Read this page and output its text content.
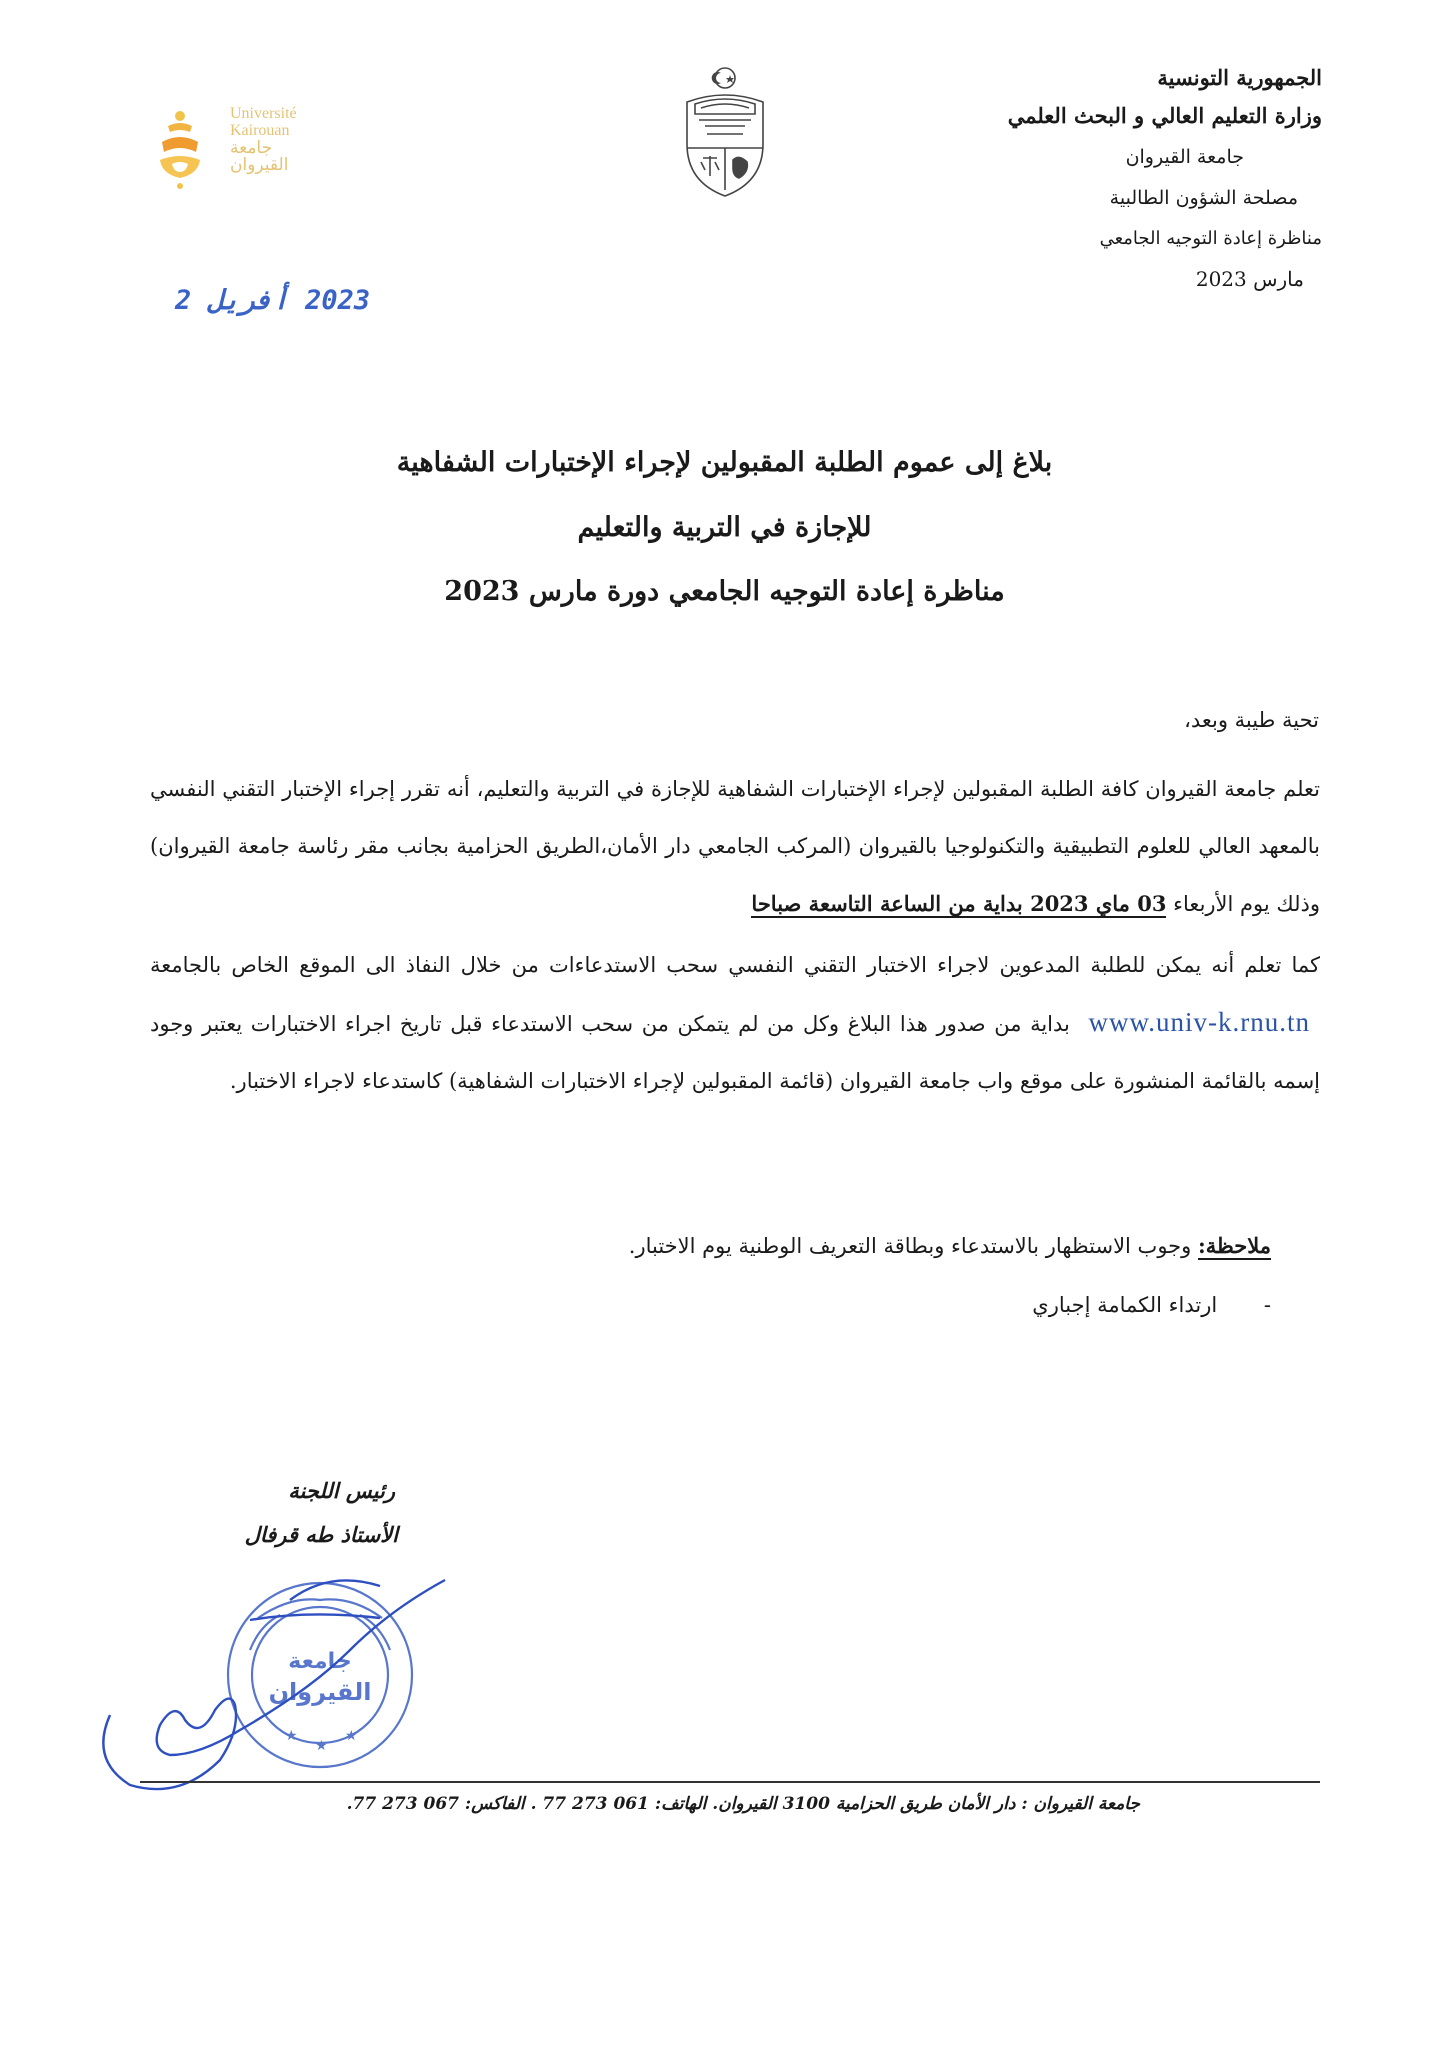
الجمهورية التونسية
وزارة التعليم العالي و البحث العلمي
جامعة القيروان
مصلحة الشؤون الطالبية
مناظرة إعادة التوجيه الجامعي
مارس 2023
Université
Kairouan
جامعة
القيروان
2023 أفريل 2
بلاغ إلى عموم الطلبة المقبولين لإجراء الإختبارات الشفاهية
للإجازة في التربية والتعليم
مناظرة إعادة التوجيه الجامعي دورة مارس 2023
تحية طيبة وبعد،
تعلم جامعة القيروان كافة الطلبة المقبولين لإجراء الإختبارات الشفاهية للإجازة في التربية والتعليم، أنه تقرر إجراء الإختبار التقني النفسي بالمعهد العالي للعلوم التطبيقية والتكنولوجيا بالقيروان (المركب الجامعي دار الأمان،الطريق الحزامية بجانب مقر رئاسة جامعة القيروان) وذلك يوم الأربعاء 03 ماي 2023 بداية من الساعة التاسعة صباحا
كما تعلم أنه يمكن للطلبة المدعوين لاجراء الاختبار التقني النفسي سحب الاستدعاءات من خلال النفاذ الى الموقع الخاص بالجامعة www.univ-k.rnu.tn بداية من صدور هذا البلاغ وكل من لم يتمكن من سحب الاستدعاء قبل تاريخ اجراء الاختبارات يعتبر وجود إسمه بالقائمة المنشورة على موقع واب جامعة القيروان (قائمة المقبولين لإجراء الاختبارات الشفاهية) كاستدعاء لاجراء الاختبار.
ملاحظة: وجوب الاستظهار بالاستدعاء وبطاقة التعريف الوطنية يوم الاختبار.
- ارتداء الكمامة إجباري
جامعة
القيروان
★
★
★
رئيس اللجنة
الأستاذ طه قرفال
جامعة القيروان : دار الأمان طريق الحزامية 3100 القيروان. الهاتف: 061 273 77 . الفاكس: 067 273 77.
